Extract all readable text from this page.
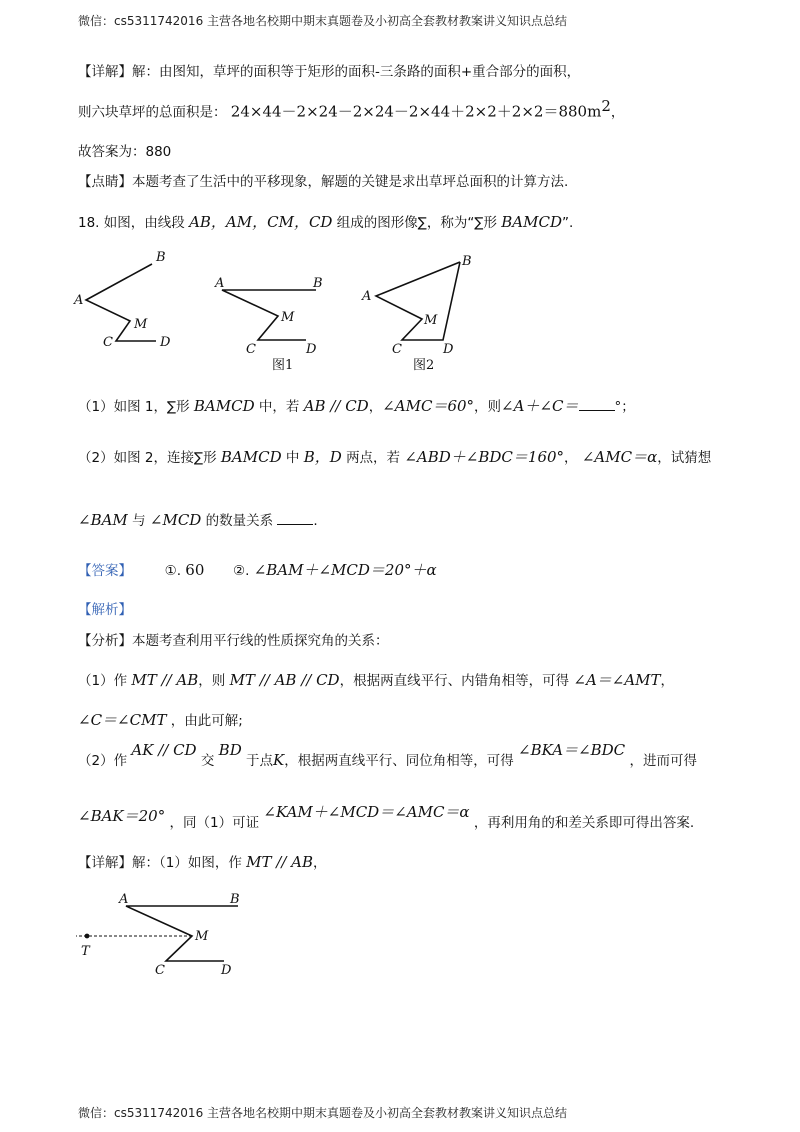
微信：cs5311742016 主营各地名校期中期末真题卷及小初高全套教材教案讲义知识点总结
【详解】解：由图知，草坪的面积等于矩形的面积-三条路的面积+重合部分的面积，
则六块草坪的总面积是： $24\times 44-2\times 24-2\times 24-2\times 44+2\times 2+2\times 2=880m^2$，
故答案为：880
【点睛】本题考查了生活中的平移现象，解题的关键是求出草坪总面积的计算方法.
18. 如图，由线段 AB，AM，CM，CD 组成的图形像∑，称为“∑形 BAMCD”.
B
A
M
C	D
A	B
M
C	D
图1
B
A
M
C	D
图2
A	B
M
T
C	D
（1）如图 1，∑形 BAMCD 中，若 AB // CD，∠AMC＝60°，则∠A＋∠C＝	°；
（2）如图 2，连接∑形 BAMCD 中 B，D 两点，若 ∠ABD＋∠BDC＝160°， ∠AMC＝α，试猜想
∠BAM 与 ∠MCD 的数量关系	.
【答案】 ①. 60 ②. ∠BAM＋∠MCD＝20°＋α
【解析】
【分析】本题考查利用平行线的性质探究角的关系：
（1）作 MT // AB，则 MT // AB // CD，根据两直线平行、内错角相等，可得 ∠A＝∠AMT，
∠C＝∠CMT ，由此可解;
（2）作 AK // CD 交 BD 于点K，根据两直线平行、同位角相等，可得 ∠BKA＝∠BDC ，进而可得
∠BAK＝20° ，同（1）可证 ∠KAM＋∠MCD＝∠AMC＝α ，再利用角的和差关系即可得出答案.
【详解】解：（1）如图，作 MT // AB，
微信：cs5311742016 主营各地名校期中期末真题卷及小初高全套教材教案讲义知识点总结
